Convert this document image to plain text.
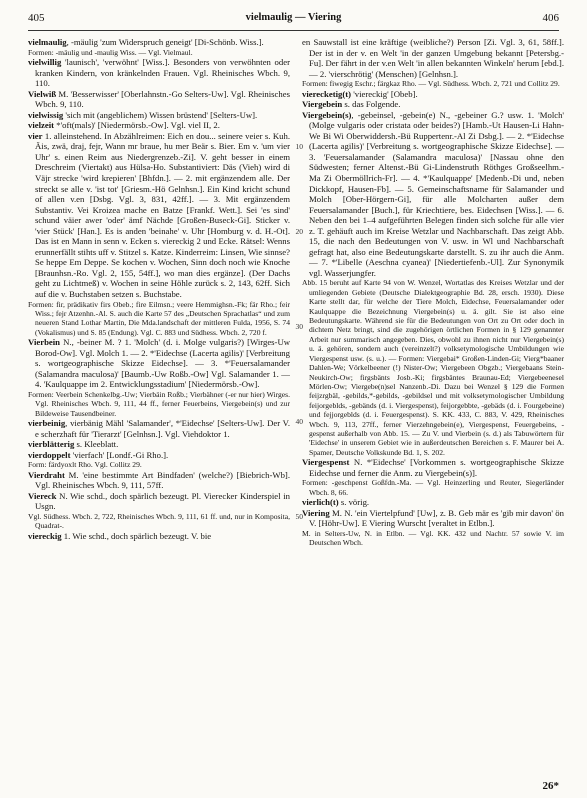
405	vielmaulig — Viering	406

vielmaulig, -mäulig 'zum Widerspruch geneigt' [Di-Schönb. Wiss.].

Formen: -mäulig und -maulig Wiss. — Vgl. Vielmaul.

vielwillig 'launisch', 'verwöhnt' [Wiss.]. Besonders von verwöhnten oder kranken Kindern, von kränkelnden Frauen. Vgl. Rheinisches Wbch. 9, 110.

Vielwiß M. 'Besserwisser' [Oberlahnstn.-Go Selters-Uw]. Vgl. Rheinisches Wbch. 9, 110.

vielwissig 'sich mit (angeblichem) Wissen brüstend' [Selters-Uw].

vielzeit *'oft(mals)' [Niedermörsb.-Ow]. Vgl. viel II, 2.

vier 1. alleinstehend. In Abzählreimen: Eich en dou... seinere veier s. Kuh. Äis, zwä, draj, fejr, Wann mr braue, hu mer Beär s. Bier. Em v. 'um vier Uhr' s. einen Reim aus Niedergrenzeb.-Zi]. V. geht besser in einem Dreschreim (Viertakt) aus Hülsa-Ho. Substantiviert: Däs (Vieh) wird di Väjr strecke 'wird krepieren' [Bhfdn.]. — 2. mit ergänzendem alle. Der streckt se alle v. 'ist tot' [Griesm.-Hö Gelnhsn.]. Ein Kind kricht schund of allen v.en [Dsbg. Vgl. 3, 831, 42ff.]. — 3. Mit ergänzendem Substantiv. Vei Kroizea mache en Batze [Frankf. Wett.]. Sei 'es sind' schund väier awer 'oder' ämf Nächde [Großen-Buseck-Gi]. Sticker v. 'vier Stück' [Han.]. Es is anden 'beinahe' v. Uhr [Homburg v. d. H.-Ot]. Das ist en Mann in senn v. Ecken s. viereckig 2 und Ecke. Rätsel: Wenns erunnerfällt stihts uff v. Stitzel s. Katze. Kinderreim: Linsen, Wie sinnse? Se heppe Em Deppe. Se kochen v. Wochen, Sinn doch noch wie Knoche [Braunhsn.-Ro. Vgl. 2, 155, 54ff.], wo man dies ergänze]. (Der Dachs geht zu Lichtmeß) v. Wochen in seine Höhle zurück s. 2, 143, 62ff. Sich auf die v. Buchstaben setzen s. Buchstabe.

Formen: fir, prädikativ firs Obeb.; fire Eilmsn.; veere Hemmighsn.-Fk; fär Rho.; feir Wiss.; fejr Atzenhn.-Al. S. auch die Karte 57 des „Deutschen Sprachatlas“ und zum neueren Stand Lothar Martin, Die Mda.landschaft der mittleren Fulda, 1956, S. 74 (Vokalismus) und S. 85 (Endung). Vgl. C. 883 und Südhess. Wbch. 2, 720 f.

Vierbein N., -beiner M. ? 1. 'Molch' (d. i. Molge vulgaris?) [Wirges-Uw Borod-Ow]. Vgl. Molch 1. — 2. *'Eidechse (Lacerta agilis)' [Verbreitung s. wortgeographische Skizze Eidechse]. — 3. *'Feuersalamander (Salamandra maculosa)' [Baumb.-Uw Roßb.-Ow] Vgl. Salamander 1. — 4. 'Kaulquappe im 2. Entwicklungsstadium' [Niedermörsb.-Ow].

Formen: Veerbein Schenkelbg.-Uw; Vierbäin Roßb.; Vierbähner (-er nur hier) Wirges. Vgl. Rheinisches Wbch. 9, 111, 44 ff., ferner Feuerbeins, Viergebein(s) und zur Bildeweise Tausendbeiner.

vierbeinig, vierbänig Mähl 'Salamander', *'Eidechse' [Selters-Uw]. Der V. e scherzhaft für 'Tierarzt' [Gelnhsn.]. Vgl. Viehdoktor 1.

vierblätterig s. Kleeblatt.

vierdoppelt 'vierfach' [Londf.-Gi Rho.].

Form: färdyoxlt Rho. Vgl. Collitz 29.

Vierdraht M. 'eine bestimmte Art Bindfaden' (welche?) [Biebrich-Wb]. Vgl. Rheinisches Wbch. 9, 111, 57ff.

Viereck N. Wie schd., doch spärlich bezeugt. Pl. Vierecker Kinderspiel in Usgn.

Vgl. Südhess. Wbch. 2, 722, Rheinisches Wbch. 9, 111, 61 ff. und, nur in Komposita, Quadrat-.

viereckig 1. Wie schd., doch spärlich bezeugt. V. bie

10
20
30
40
50

en Sauwstall ist eine kräftige (weibliche?) Person [Zi. Vgl. 3, 61, 58ff.]. Der ist in der v. en Welt 'in der ganzen Umgebung bekannt [Petersbg.-Fu]. Der fährt in der v.en Welt 'in allen bekannten Winkeln' herum [ebd.]. — 2. 'vierschrötig' (Menschen) [Gelnhsn.].

Formen: fiwegig Eschr.; färgkaz Rho. — Vgl. Südhess. Wbch. 2, 721 und Collitz 29.

vierecketig(t) 'viereckig' [Obeb].

Viergebein s. das Folgende.

Viergebein(s), -gebeinsel, -gebein(e) N., -gebeiner G.? usw. 1. 'Molch' (Molge vulgaris oder cristata oder beides?) [Hamb.-Ut Hausen-Li Hahn-We Bi Wi Oberwiddersh.-Bü Ruppertenr.-Al Zi Dsbg.]. — 2. *'Eidechse (Lacerta agilis)' [Verbreitung s. wortgeographische Skizze Eidechse]. — 3. 'Feuersalamander (Salamandra maculosa)' [Nassau ohne den Südwesten; ferner Altenst.-Bü Gi-Lindenstruth Röthges Großseelhm.-Ma Zi Obermöllrich-Fr]. — 4. *'Kaulquappe' [Medenb.-Di und, neben Dickkopf, Hausen-Fb]. — 5. Gemeinschaftsname für Salamander und Molch [Ober-Hörgern-Gi], für alle Molcharten außer dem Feuersalamander [Buch.], für Kriechtiere, bes. Eidechsen [Wiss.]. — 6. Neben den bei 1–4 aufgeführten Belegen finden sich solche für alle vier z. T. gehäuft auch im Kreise Wetzlar und Nachbarschaft. Das zeigt Abb. 15, die nach den Bedeutungen von V. usw. in Wl und Nachbarschaft gefragt hat, also eine Bedeutungskarte darstellt. S. zu ihr auch die Anm. — 7. *'Libelle (Aeschna cyanea)' [Niedertiefenb.-Ul]. Zur Synonymik vgl. Wasserjungfer.

Abb. 15 beruht auf Karte 94 von W. Wenzel, Wortatlas des Kreises Wetzlar und der umliegenden Gebiete (Deutsche Dialektgeographie Bd. 28, ersch. 1930). Diese Karte stellt dar, für welche der Tiere Molch, Eidechse, Feuersalamander oder Kaulquappe die Bezeichnung Viergebein(s) u. ä. gilt. Sie ist also eine Bedeutungskarte. Während sie für die Bedeutungen von Ort zu Ort oder doch in dichtem Netz bringt, sind die zugehörigen örtlichen Formen in § 129 genannter Arbeit nur summarisch angegeben. Dies, obwohl zu ihnen nicht nur Viergebein(s) u. ä. gehören, sondern auch (vereinzelt?) volksetymologische Umbildungen wie Viergespenst usw. (s. u.). — Formen: Viergebai* Großen-Linden-Gi; Vierg*baaner Dahlen-We; Vörkelbeener (!) Nister-Ow; Viergebeen Obgzb.; Viergebaans Stein-Neukirch-Ow; firgsbänts Josb.-Ki; firgsbäntes Braunau-Ed; Viergebeenesel Mörlen-Ow; Viergebe(n)sel Nanzenb.-Di. Dazu bei Wenzel § 129 die Formen feijzrgbäl, -gebilds,*-gebilds, -gebildsel und mit volksetymologischer Umbildung feijorgeblds, -gebänds (d. i. Viergespenst), feijorgebbte, -gebäds (d. i. Fourgebeine) und fejjorgeblds (d. i. Feuergespenst). S. KK. 433, C. 883, V. 429, Rheinisches Wbch. 9, 113, 27ff., ferner Vierzehngebein(e), Viergespenst, Feuergebeins, -gespenst außerhalb von Abb. 15. — Zu V. und Vierbein (s. d.) als Tabuwörtern für 'Eidechse' in unserem Gebiet wie in außerdeutschen Bereichen s. F. Maurer bei A. Spamer, Deutsche Volkskunde Bd. 1, S. 202.

Viergespenst N. *'Eidechse' [Vorkommen s. wortgeographische Skizze Eidechse und ferner die Anm. zu Viergebein(s)].

Formen: -geschpenst Goßfdn.-Ma. — Vgl. Heinzerling und Reuter, Siegerländer Wbch. 8, 66.

vierlich(t) s. vörig.

Viering M. N. 'ein Viertelpfund' [Uw], z. B. Geb mär es 'gib mir davon' ön V. [Höhr-Uw]. E Viering Wurscht [veraltet in Etlbn.].

M. in Selters-Uw, N. in Etlbn. — Vgl. KK. 432 und Nachtr. 57 sowie V. im Deutschen Wbch.

26*
